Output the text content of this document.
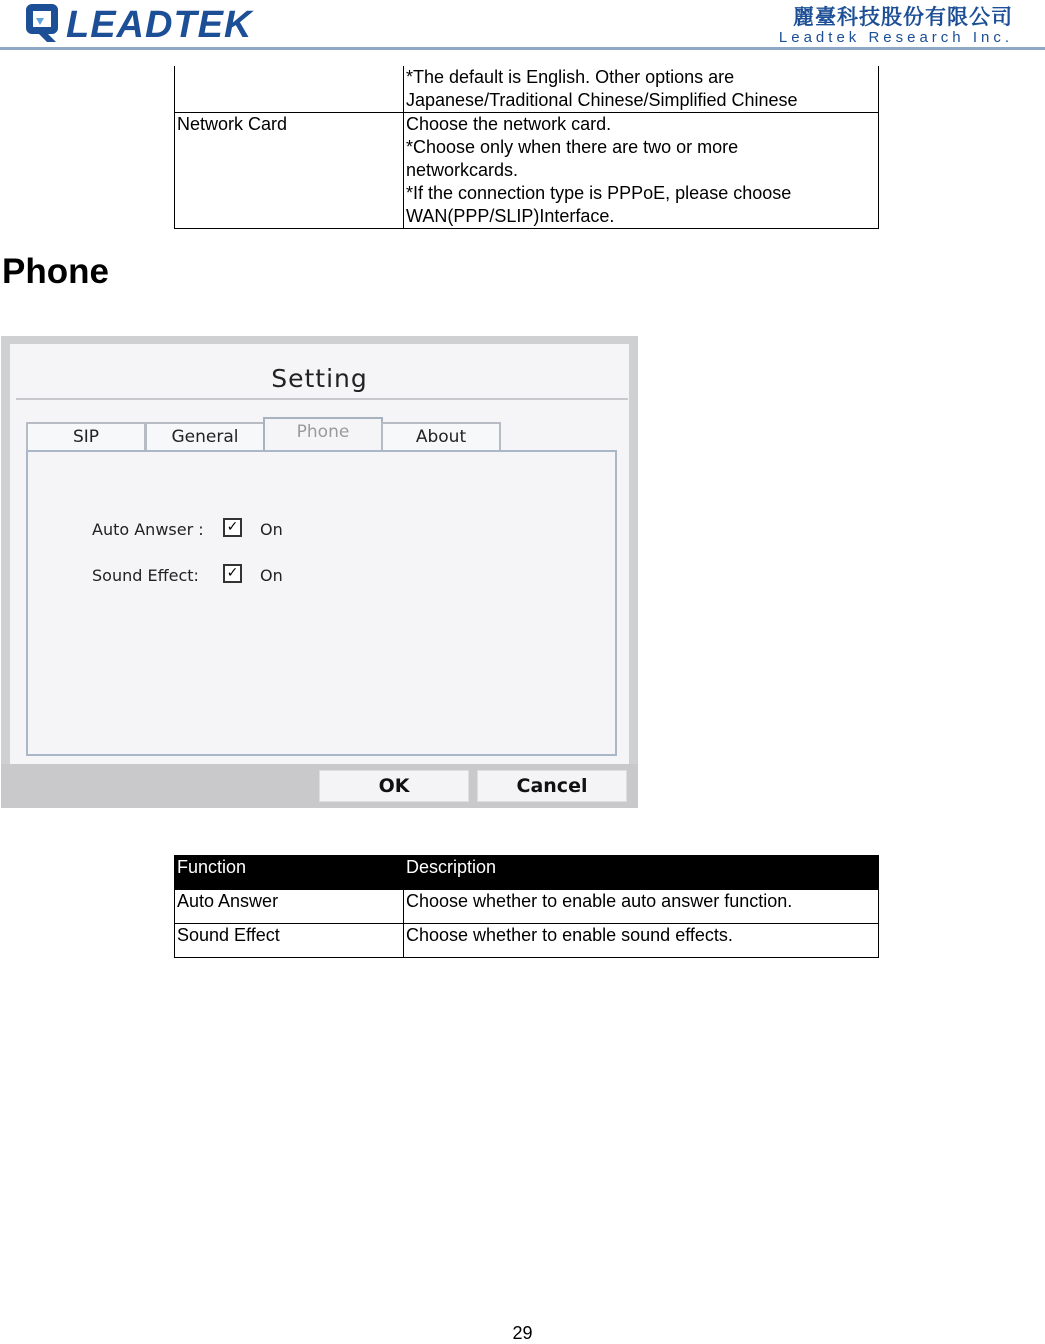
LEADTEK	麗臺科技股份有限公司
Leadtek Research Inc.

	*The default is English. Other options are
Japanese/Traditional Chinese/Simplified Chinese

Network Card	Choose the network card.
*Choose only when there are two or more
networkcards.
*If the connection type is PPPoE, please choose
WAN(PPP/SLIP)Interface.
Phone
Setting
SIP	General	Phone	About
Auto Anwser : ✓ On
Sound Effect: ✓ On
OK	Cancel
Function	Description
Auto Answer	Choose whether to enable auto answer function.
Sound Effect	Choose whether to enable sound effects.
29
